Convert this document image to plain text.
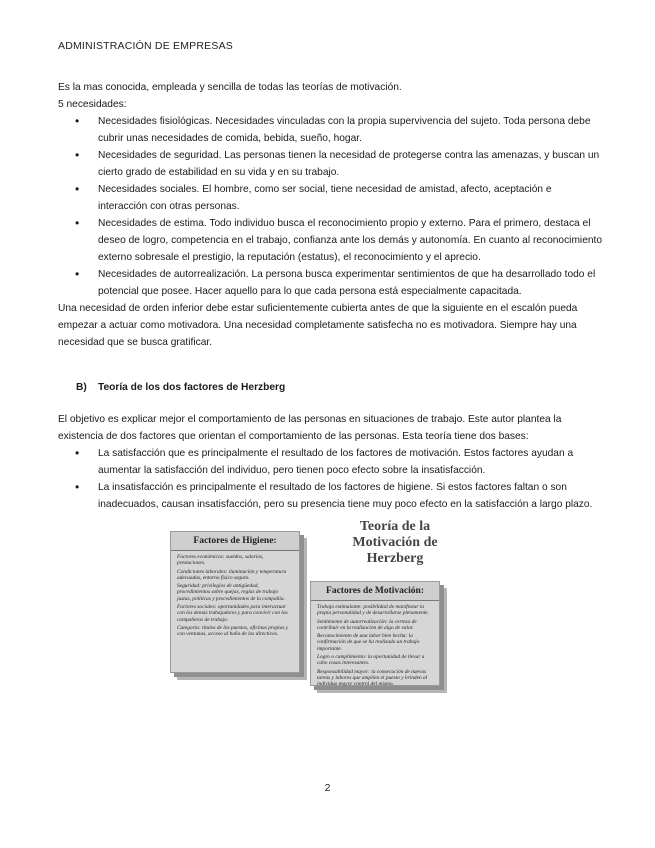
ADMINISTRACIÓN DE EMPRESAS

Es la mas conocida, empleada y sencilla de todas las teorías de motivación.

5 necesidades:

• Necesidades fisiológicas. Necesidades vinculadas con la propia supervivencia del sujeto. Toda persona debe cubrir unas necesidades de comida, bebida, sueño, hogar.
• Necesidades de seguridad. Las personas tienen la necesidad de protegerse contra las amenazas, y buscan un cierto grado de estabilidad en su vida y en su trabajo.
• Necesidades sociales. El hombre, como ser social, tiene necesidad de amistad, afecto, aceptación e interacción con otras personas.
• Necesidades de estima. Todo individuo busca el reconocimiento propio y externo. Para el primero, destaca el deseo de logro, competencia en el trabajo, confianza ante los demás y autonomía. En cuanto al reconocimiento externo sobresale el prestigio, la reputación (estatus), el reconocimiento y el aprecio.
• Necesidades de autorrealización. La persona busca experimentar sentimientos de que ha desarrollado todo el potencial que posee. Hacer aquello para lo que cada persona está especialmente capacitada.

Una necesidad de orden inferior debe estar suficientemente cubierta antes de que la siguiente en el escalón pueda empezar a actuar como motivadora. Una necesidad completamente satisfecha no es motivadora. Siempre hay una necesidad que se busca gratificar.

B) Teoría de los dos factores de Herzberg

El objetivo es explicar mejor el comportamiento de las personas en situaciones de trabajo. Este autor plantea la existencia de dos factores que orientan el comportamiento de las personas. Esta teoría tiene dos bases:

• La satisfacción que es principalmente el resultado de los factores de motivación. Estos factores ayudan a aumentar la satisfacción del individuo, pero tienen poco efecto sobre la insatisfacción.
• La insatisfacción es principalmente el resultado de los factores de higiene. Si estos factores faltan o son inadecuados, causan insatisfacción, pero su presencia tiene muy poco efecto en la satisfacción a largo plazo.
Teoría de la Motivación de Herzberg
Factores de Higiene:
Factores económicos: sueldos, salarios, prestaciones.
Condiciones laborales: iluminación y temperatura adecuadas, entorno físico seguro.
Seguridad: privilegios de antigüedad, procedimientos sobre quejas, reglas de trabajo justas, políticas y procedimientos de la compañía.
Factores sociales: oportunidades para interactuar con los demás trabajadores y para convivir con los compañeros de trabajo.
Categoría: títulos de los puestos, oficinas propias y con ventanas, acceso al baño de los directivos.
Factores de Motivación:
Trabajo estimulante: posibilidad de manifestar la propia personalidad y de desarrollarse plenamente.
Sentimiento de autorrealización: la certeza de contribuir en la realización de algo de valor.
Reconocimiento de una labor bien hecha: la confirmación de que se ha realizado un trabajo importante.
Logro o cumplimiento: la oportunidad de llevar a cabo cosas interesantes.
Responsabilidad mayor: la consecución de nuevas tareas y labores que amplíen el puesto y brinden al individuo mayor control del mismo.
2
